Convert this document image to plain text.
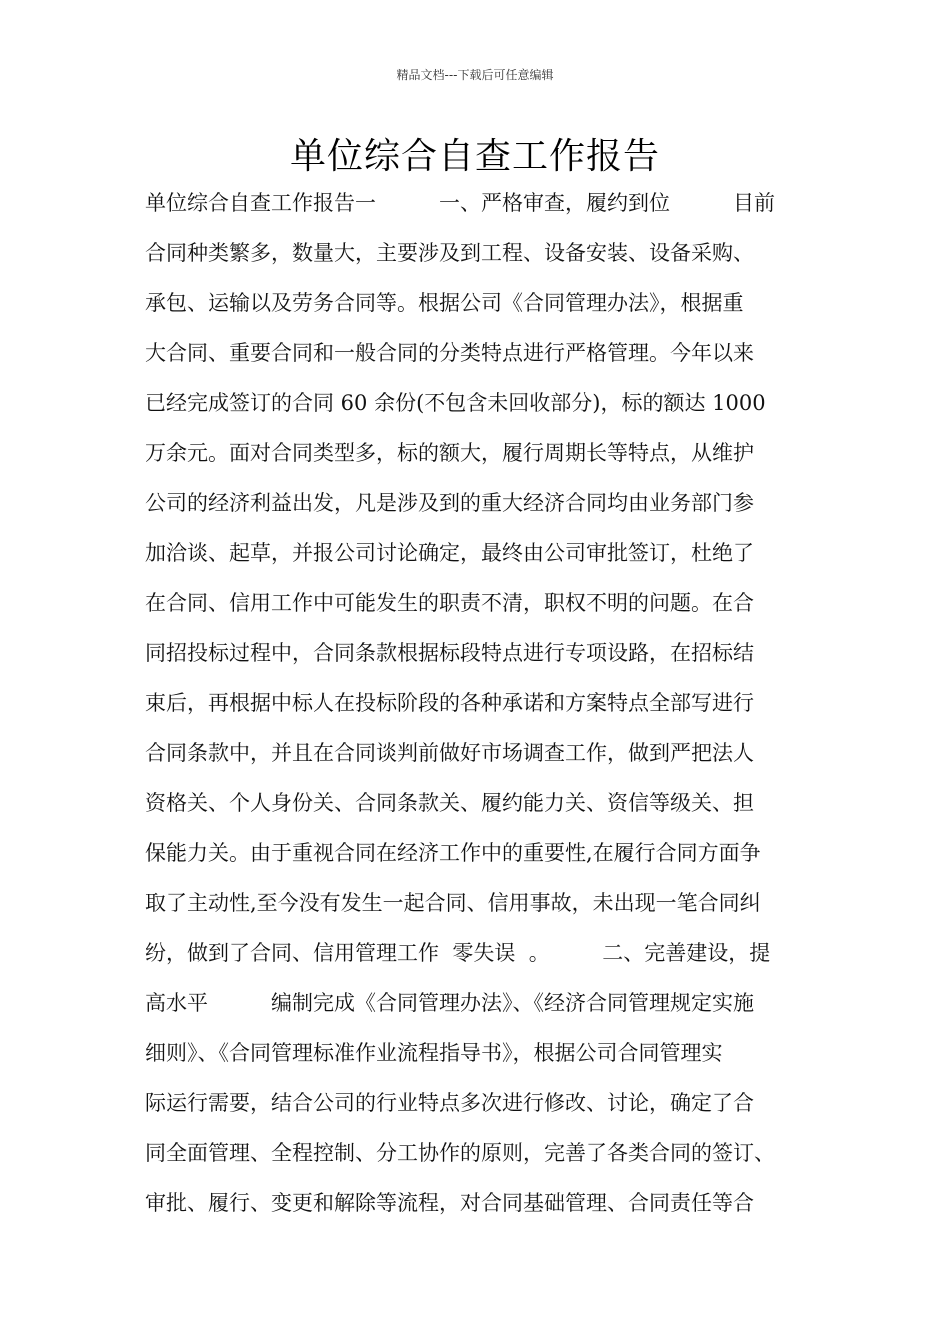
精品文档---下载后可任意编辑
单位综合自查工作报告
单位综合自查工作报告一　　　一、严格审查，履约到位　　　目前
合同种类繁多，数量大，主要涉及到工程、设备安装、设备采购、
承包、运输以及劳务合同等。根据公司《合同管理办法》，根据重
大合同、重要合同和一般合同的分类特点进行严格管理。今年以来
已经完成签订的合同 60 余份(不包含未回收部分)，标的额达 1000
万余元。面对合同类型多，标的额大，履行周期长等特点，从维护
公司的经济利益出发，凡是涉及到的重大经济合同均由业务部门参
加洽谈、起草，并报公司讨论确定，最终由公司审批签订，杜绝了
在合同、信用工作中可能发生的职责不清，职权不明的问题。在合
同招投标过程中，合同条款根据标段特点进行专项设路，在招标结
束后，再根据中标人在投标阶段的各种承诺和方案特点全部写进行
合同条款中，并且在合同谈判前做好市场调查工作，做到严把法人
资格关、个人身份关、合同条款关、履约能力关、资信等级关、担
保能力关。由于重视合同在经济工作中的重要性,在履行合同方面争
取了主动性,至今没有发生一起合同、信用事故，未出现一笔合同纠
纷，做到了合同、信用管理工作  零失误  。　　　二、完善建设，提
高水平　　　编制完成《合同管理办法》、《经济合同管理规定实施
细则》、《合同管理标准作业流程指导书》，根据公司合同管理实
际运行需要，结合公司的行业特点多次进行修改、讨论，确定了合
同全面管理、全程控制、分工协作的原则，完善了各类合同的签订、
审批、履行、变更和解除等流程，对合同基础管理、合同责任等合
